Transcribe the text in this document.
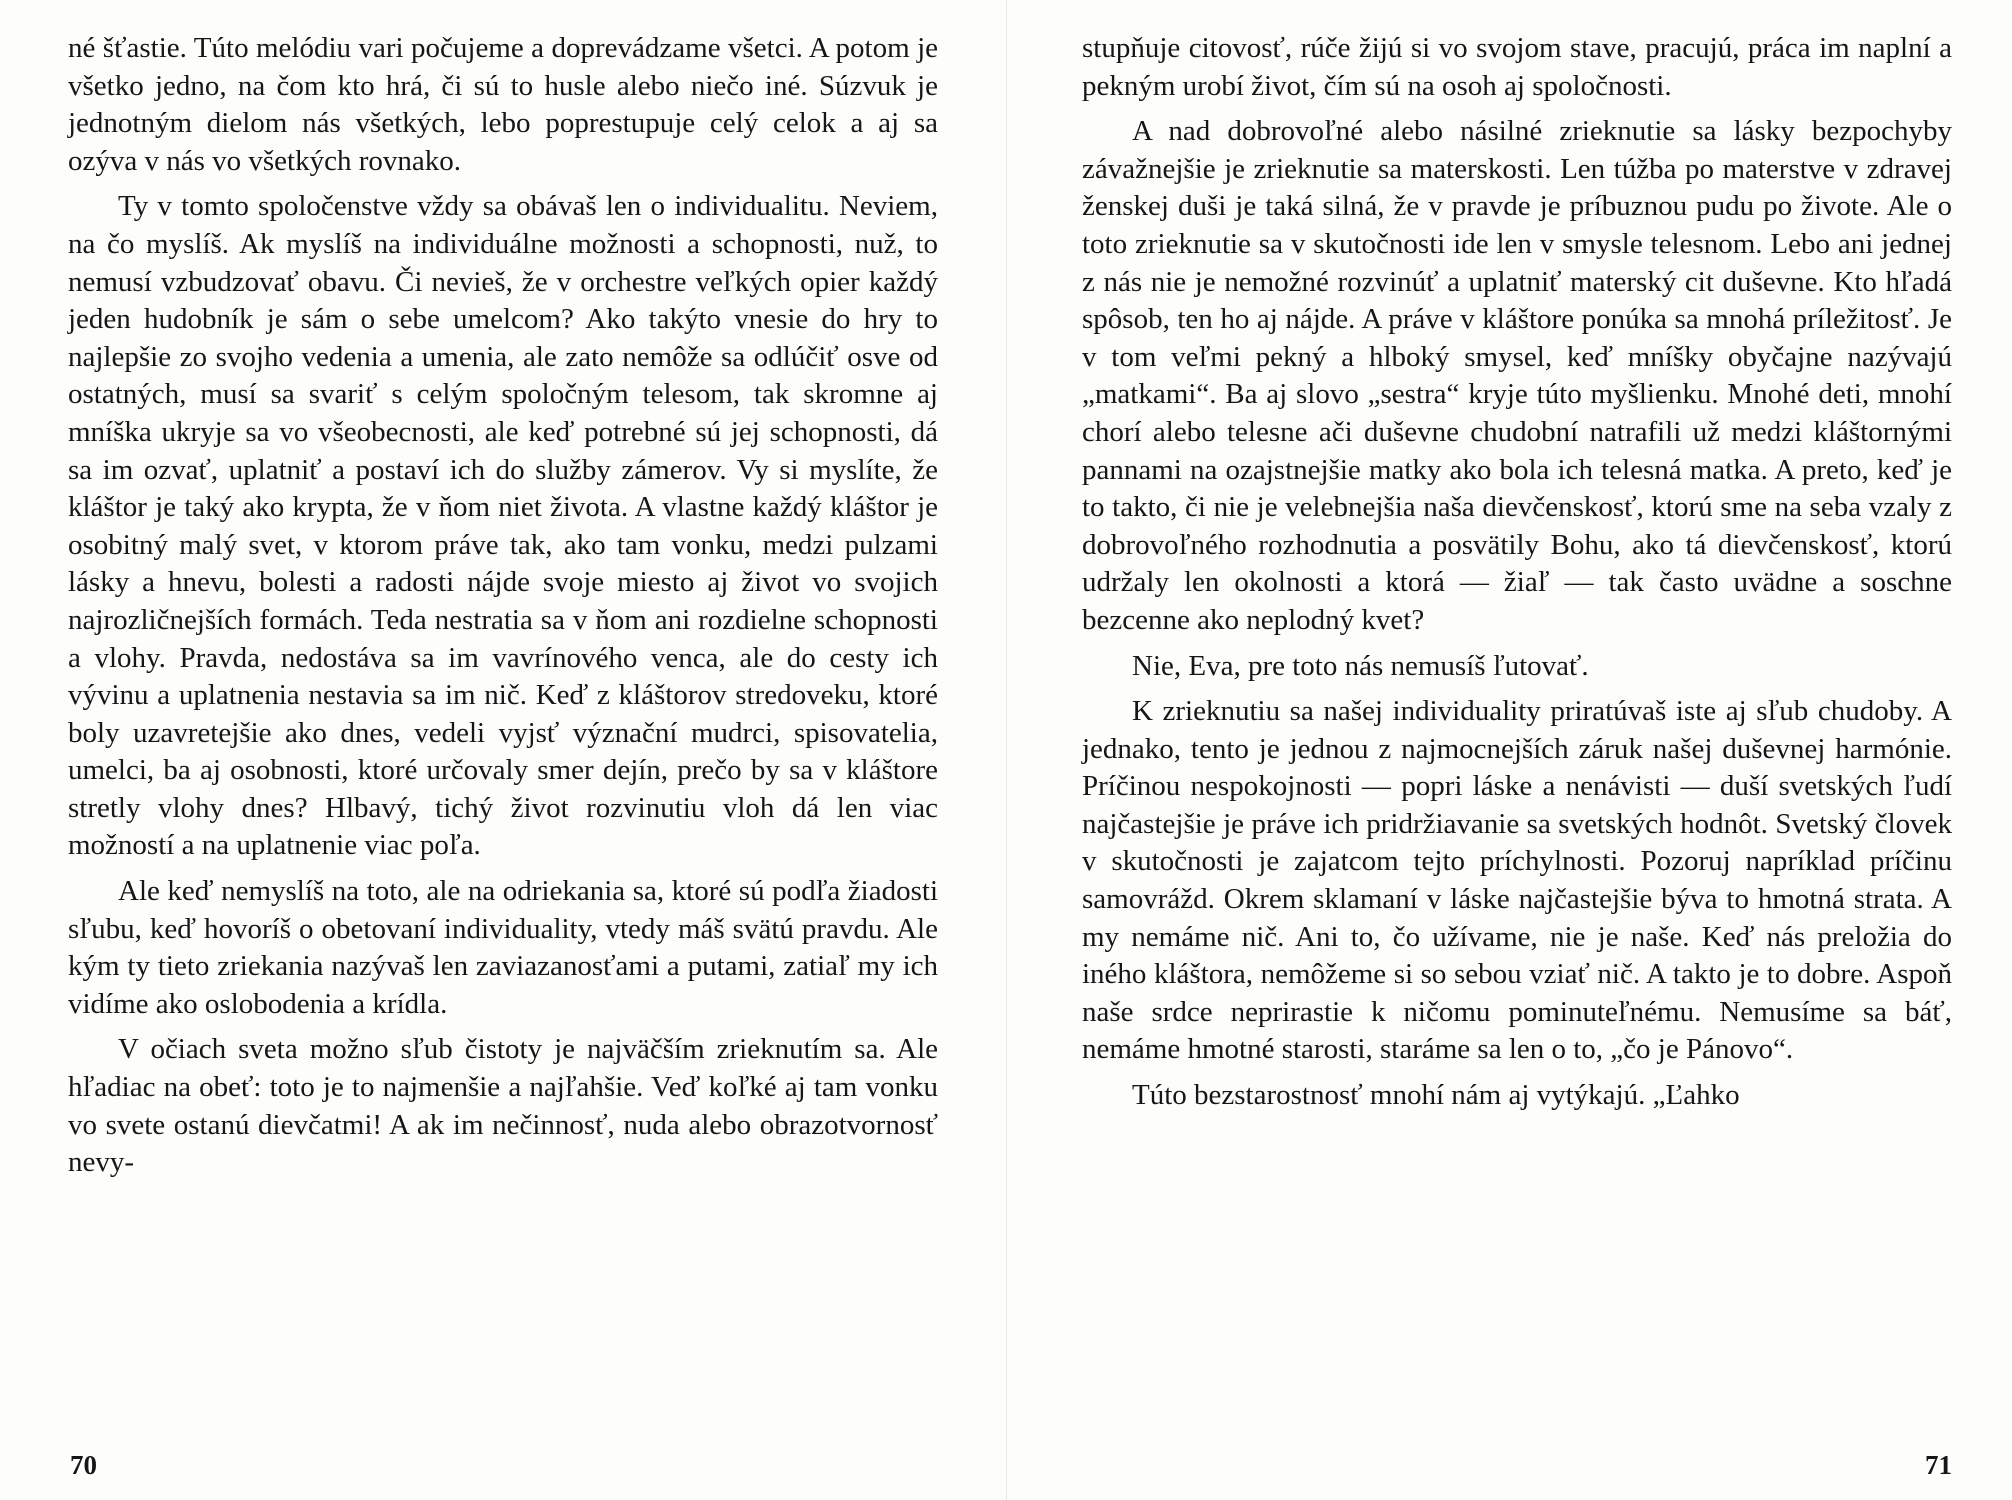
né šťastie. Túto melódiu vari počujeme a doprevádzame všetci. A potom je všetko jedno, na čom kto hrá, či sú to husle alebo niečo iné. Súzvuk je jednotným dielom nás všetkých, lebo poprestupuje celý celok a aj sa ozýva v nás vo všetkých rovnako.

Ty v tomto spoločenstve vždy sa obávaš len o individualitu. Neviem, na čo myslíš. Ak myslíš na individuálne možnosti a schopnosti, nuž, to nemusí vzbudzovať obavu. Či nevieš, že v orchestre veľkých opier každý jeden hudobník je sám o sebe umelcom? Ako takýto vnesie do hry to najlepšie zo svojho vedenia a umenia, ale zato nemôže sa odlúčiť osve od ostatných, musí sa svariť s celým spoločným telesom, tak skromne aj mníška ukryje sa vo všeobecnosti, ale keď potrebné sú jej schopnosti, dá sa im ozvať, uplatniť a postaví ich do služby zámerov. Vy si myslíte, že kláštor je taký ako krypta, že v ňom niet života. A vlastne každý kláštor je osobitný malý svet, v ktorom práve tak, ako tam vonku, medzi pulzami lásky a hnevu, bolesti a radosti nájde svoje miesto aj život vo svojich najrozličnejších formách. Teda nestratia sa v ňom ani rozdielne schopnosti a vlohy. Pravda, nedostáva sa im vavrínového venca, ale do cesty ich vývinu a uplatnenia nestavia sa im nič. Keď z kláštorov stredoveku, ktoré boly uzavretejšie ako dnes, vedeli vyjsť význační mudrci, spisovatelia, umelci, ba aj osobnosti, ktoré určovaly smer dejín, prečo by sa v kláštore stretly vlohy dnes? Hlbavý, tichý život rozvinutiu vloh dá len viac možností a na uplatnenie viac poľa.

Ale keď nemyslíš na toto, ale na odriekania sa, ktoré sú podľa žiadosti sľubu, keď hovoríš o obetovaní individuality, vtedy máš svätú pravdu. Ale kým ty tieto zriekania nazývaš len zaviazanosťami a putami, zatiaľ my ich vidíme ako oslobodenia a krídla.

V očiach sveta možno sľub čistoty je najväčším zrieknutím sa. Ale hľadiac na obeť: toto je to najmenšie a najľahšie. Veď koľké aj tam vonku vo svete ostanú dievčatmi! A ak im nečinnosť, nuda alebo obrazotvornosť nevy-

70

stupňuje citovosť, rúče žijú si vo svojom stave, pracujú, práca im naplní a pekným urobí život, čím sú na osoh aj spoločnosti.

A nad dobrovoľné alebo násilné zrieknutie sa lásky bezpochyby závažnejšie je zrieknutie sa materskosti. Len túžba po materstve v zdravej ženskej duši je taká silná, že v pravde je príbuznou pudu po živote. Ale o toto zrieknutie sa v skutočnosti ide len v smysle telesnom. Lebo ani jednej z nás nie je nemožné rozvinúť a uplatniť materský cit duševne. Kto hľadá spôsob, ten ho aj nájde. A práve v kláštore ponúka sa mnohá príležitosť. Je v tom veľmi pekný a hlboký smysel, keď mníšky obyčajne nazývajú „matkami“. Ba aj slovo „sestra“ kryje túto myšlienku. Mnohé deti, mnohí chorí alebo telesne ači duševne chudobní natrafili už medzi kláštornými pannami na ozajstnejšie matky ako bola ich telesná matka. A preto, keď je to takto, či nie je velebnejšia naša dievčenskosť, ktorú sme na seba vzaly z dobrovoľného rozhodnutia a posvätily Bohu, ako tá dievčenskosť, ktorú udržaly len okolnosti a ktorá — žiaľ — tak často uvädne a soschne bezcenne ako neplodný kvet?

Nie, Eva, pre toto nás nemusíš ľutovať.

K zrieknutiu sa našej individuality priratúvaš iste aj sľub chudoby. A jednako, tento je jednou z najmocnejších záruk našej duševnej harmónie. Príčinou nespokojnosti — popri láske a nenávisti — duší svetských ľudí najčastejšie je práve ich pridržiavanie sa svetských hodnôt. Svetský človek v skutočnosti je zajatcom tejto príchylnosti. Pozoruj napríklad príčinu samovrážd. Okrem sklamaní v láske najčastejšie býva to hmotná strata. A my nemáme nič. Ani to, čo užívame, nie je naše. Keď nás preložia do iného kláštora, nemôžeme si so sebou vziať nič. A takto je to dobre. Aspoň naše srdce neprirastie k ničomu pominuteľnému. Nemusíme sa báť, nemáme hmotné starosti, staráme sa len o to, „čo je Pánovo“.

Túto bezstarostnosť mnohí nám aj vytýkajú. „Ľahko

71
